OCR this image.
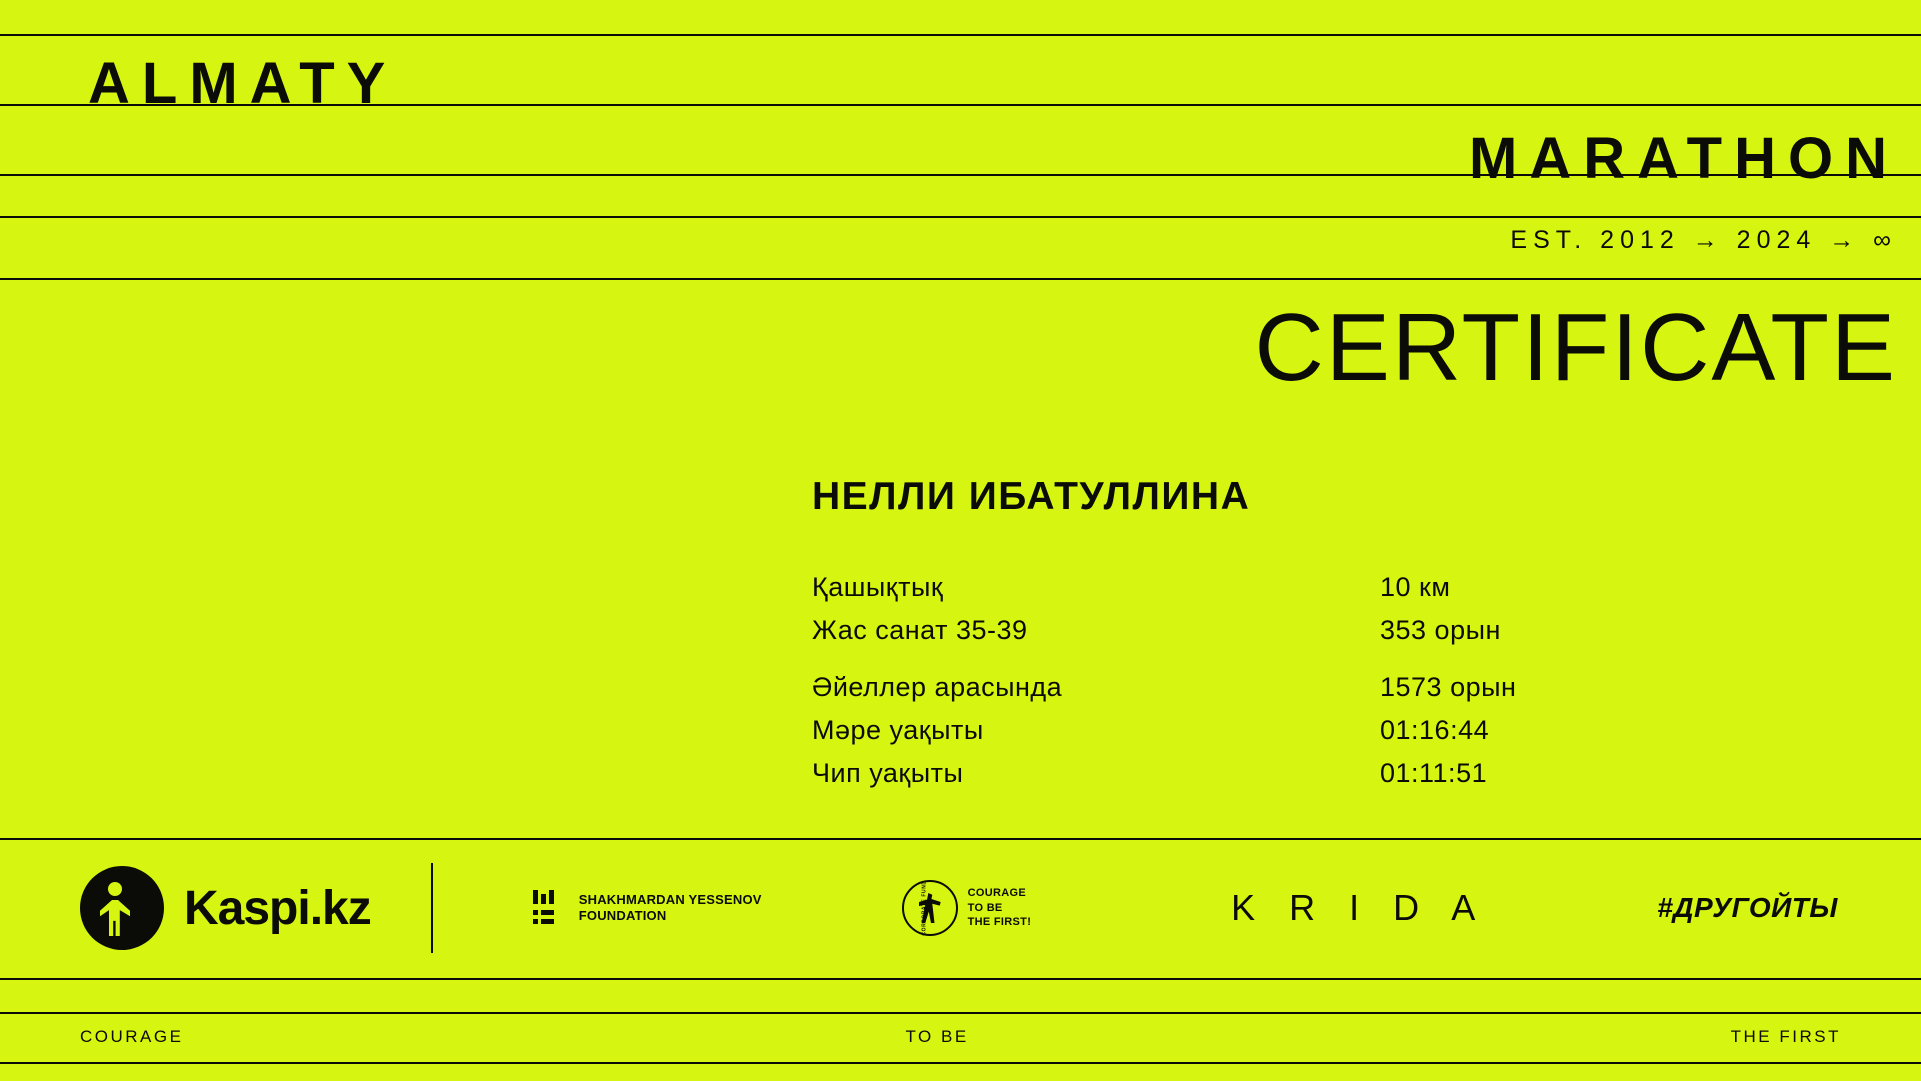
ALMATY
MARATHON
EST. 2012 → 2024 → ∞
CERTIFICATE
НЕЛЛИ ИБАТУЛЛИНА
Қашықтық	10 км
Жас санат 35-39	353 орын
Әйеллер арасында	1573 орын
Мәре уақыты	01:16:44
Чип уақыты	01:11:51
Kaspi.kz	SHAKHMARDAN YESSENOV
FOUNDATION	CORPORATE FUND	COURAGE
TO BE
THE FIRST!	K R I D A	#ДРУГОЙТЫ
COURAGE	TO BE	THE FIRST
